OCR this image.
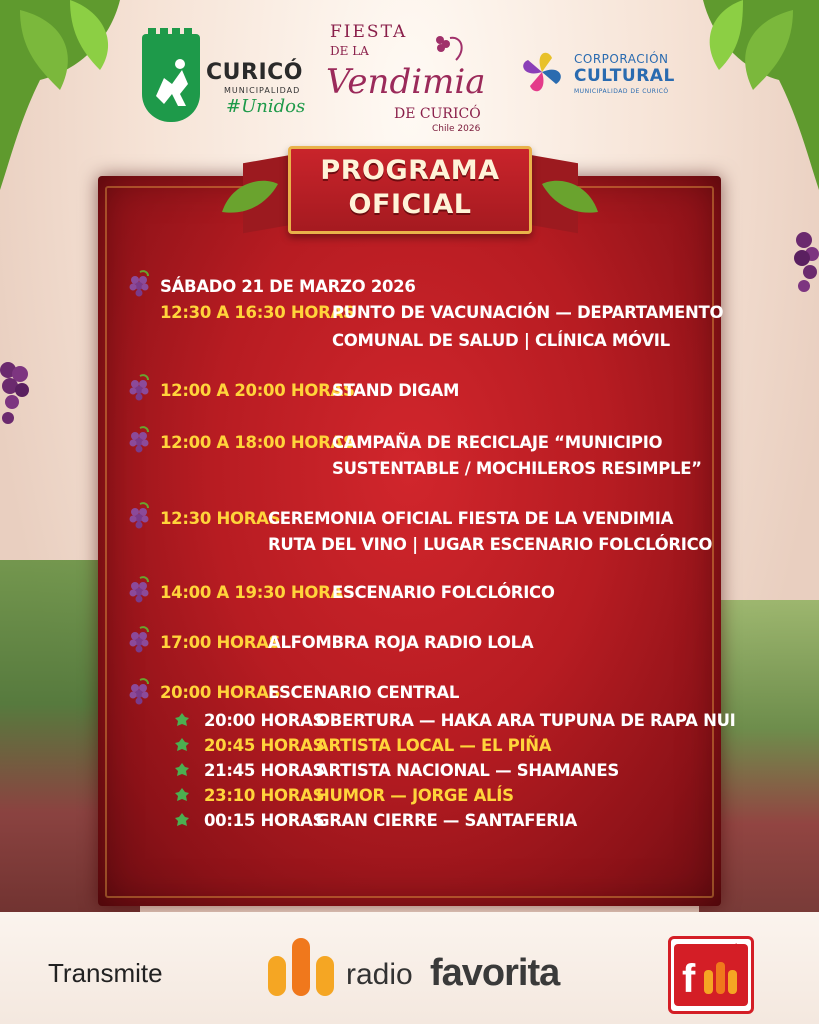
CURICÓ
MUNICIPALIDAD
#Unidos
FIESTA
DE LA
Vendimia
DE CURICÓ
Chile 2026
CORPORACIÓN
CULTURAL
MUNICIPALIDAD DE CURICÓ
PROGRAMA
OFICIAL
SÁBADO 21 DE MARZO 2026
12:30 A 16:30 HORAS
PUNTO DE VACUNACIÓN — DEPARTAMENTO
COMUNAL DE SALUD | CLÍNICA MÓVIL
12:00 A 20:00 HORAS
STAND DIGAM
12:00 A 18:00 HORAS
CAMPAÑA DE RECICLAJE “MUNICIPIO
SUSTENTABLE / MOCHILEROS RESIMPLE”
12:30 HORAS
CEREMONIA OFICIAL FIESTA DE LA VENDIMIA
RUTA DEL VINO | LUGAR ESCENARIO FOLCLÓRICO
14:00 A 19:30 HORAS
ESCENARIO FOLCLÓRICO
17:00 HORAS
ALFOMBRA ROJA RADIO LOLA
20:00 HORAS
ESCENARIO CENTRAL
20:00 HORAS
OBERTURA — HAKA ARA TUPUNA DE RAPA NUI
20:45 HORAS
ARTISTA LOCAL — EL PIÑA
21:45 HORAS
ARTISTA NACIONAL — SHAMANES
23:10 HORAS
HUMOR — JORGE ALÍS
00:15 HORAS
GRAN CIERRE — SANTAFERIA
Transmite	radio favorita	f
tv
